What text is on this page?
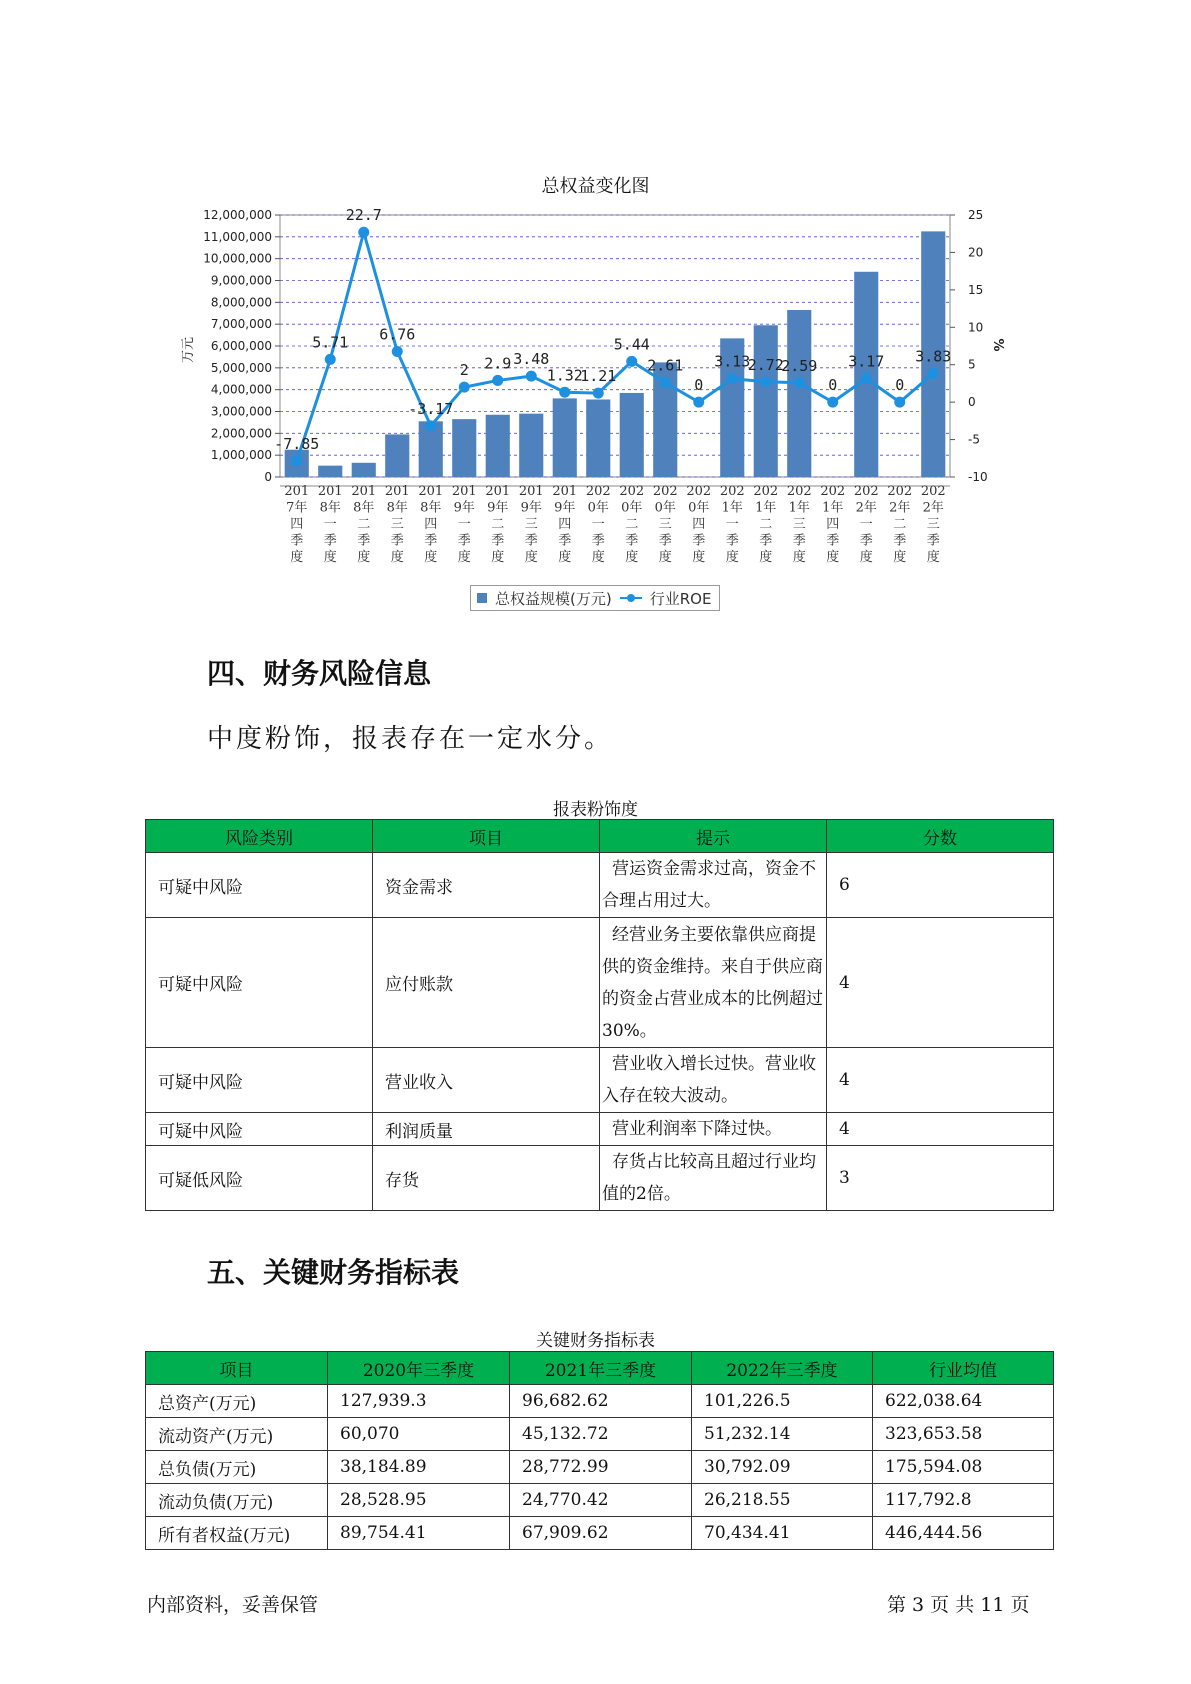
总权益变化图
0
1,000,000
2,000,000
3,000,000
4,000,000
5,000,000
6,000,000
7,000,000
8,000,000
9,000,000
10,000,000
11,000,000
12,000,000
-10
-5
0
5
10
15
20
25
万元	%
-7.85
5.71
22.7
6.76
-3.17
2 2.9 3.48
1.32
1.21
5.44
2.61
0
3.13
2.72
2.59
0
3.17
0
3.83
201
7年
四
季
度
201
8年
一
季
度
201
8年
二
季
度
201
8年
三
季
度
201
8年
四
季
度
201
9年
一
季
度
201
9年
二
季
度
201
9年
三
季
度
201
9年
四
季
度
202
0年
一
季
度
202
0年
二
季
度
202
0年
三
季
度
202
0年
四
季
度
202
1年
一
季
度
202
1年
二
季
度
202
1年
三
季
度
202
1年
四
季
度
202
2年
一
季
度
202
2年
二
季
度
202
2年
三
季
度
总权益规模(万元)	行业ROE
四、财务风险信息
中度粉饰，报表存在一定水分。
报表粉饰度
风险类别	项目	提示	分数
可疑中风险	资金需求	营运资金需求过高，资金不合理占用过大。	6
可疑中风险	应付账款	经营业务主要依靠供应商提供的资金维持。来自于供应商的资金占营业成本的比例超过30%。	4
可疑中风险	营业收入	营业收入增长过快。营业收入存在较大波动。	4
可疑中风险	利润质量	营业利润率下降过快。	4
可疑低风险	存货	存货占比较高且超过行业均值的2倍。	3
五、关键财务指标表
关键财务指标表
项目	2020年三季度	2021年三季度	2022年三季度	行业均值
总资产(万元)	127,939.3	96,682.62	101,226.5	622,038.64
流动资产(万元)	60,070	45,132.72	51,232.14	323,653.58
总负债(万元)	38,184.89	28,772.99	30,792.09	175,594.08
流动负债(万元)	28,528.95	24,770.42	26,218.55	117,792.8
所有者权益(万元)	89,754.41	67,909.62	70,434.41	446,444.56
内部资料，妥善保管	第 3 页 共 11 页
